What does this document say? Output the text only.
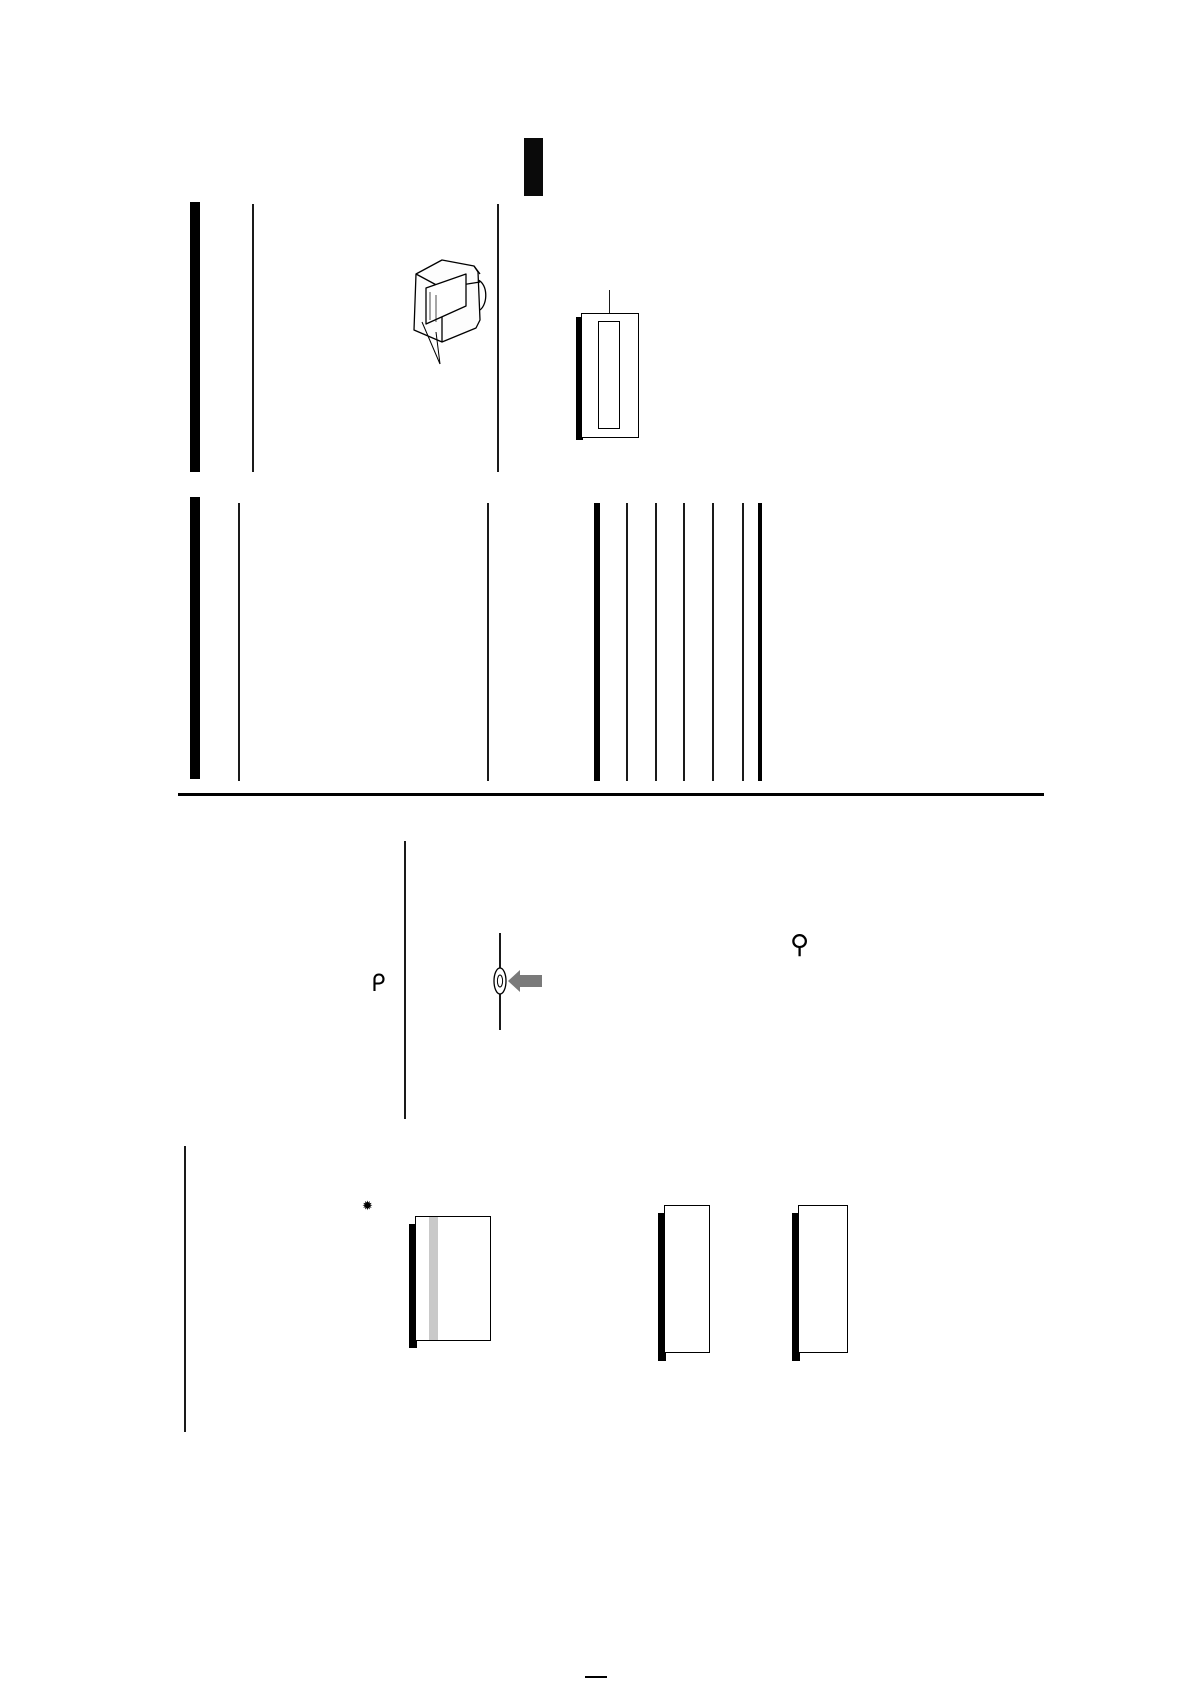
Ꮷ
⚲
✹
